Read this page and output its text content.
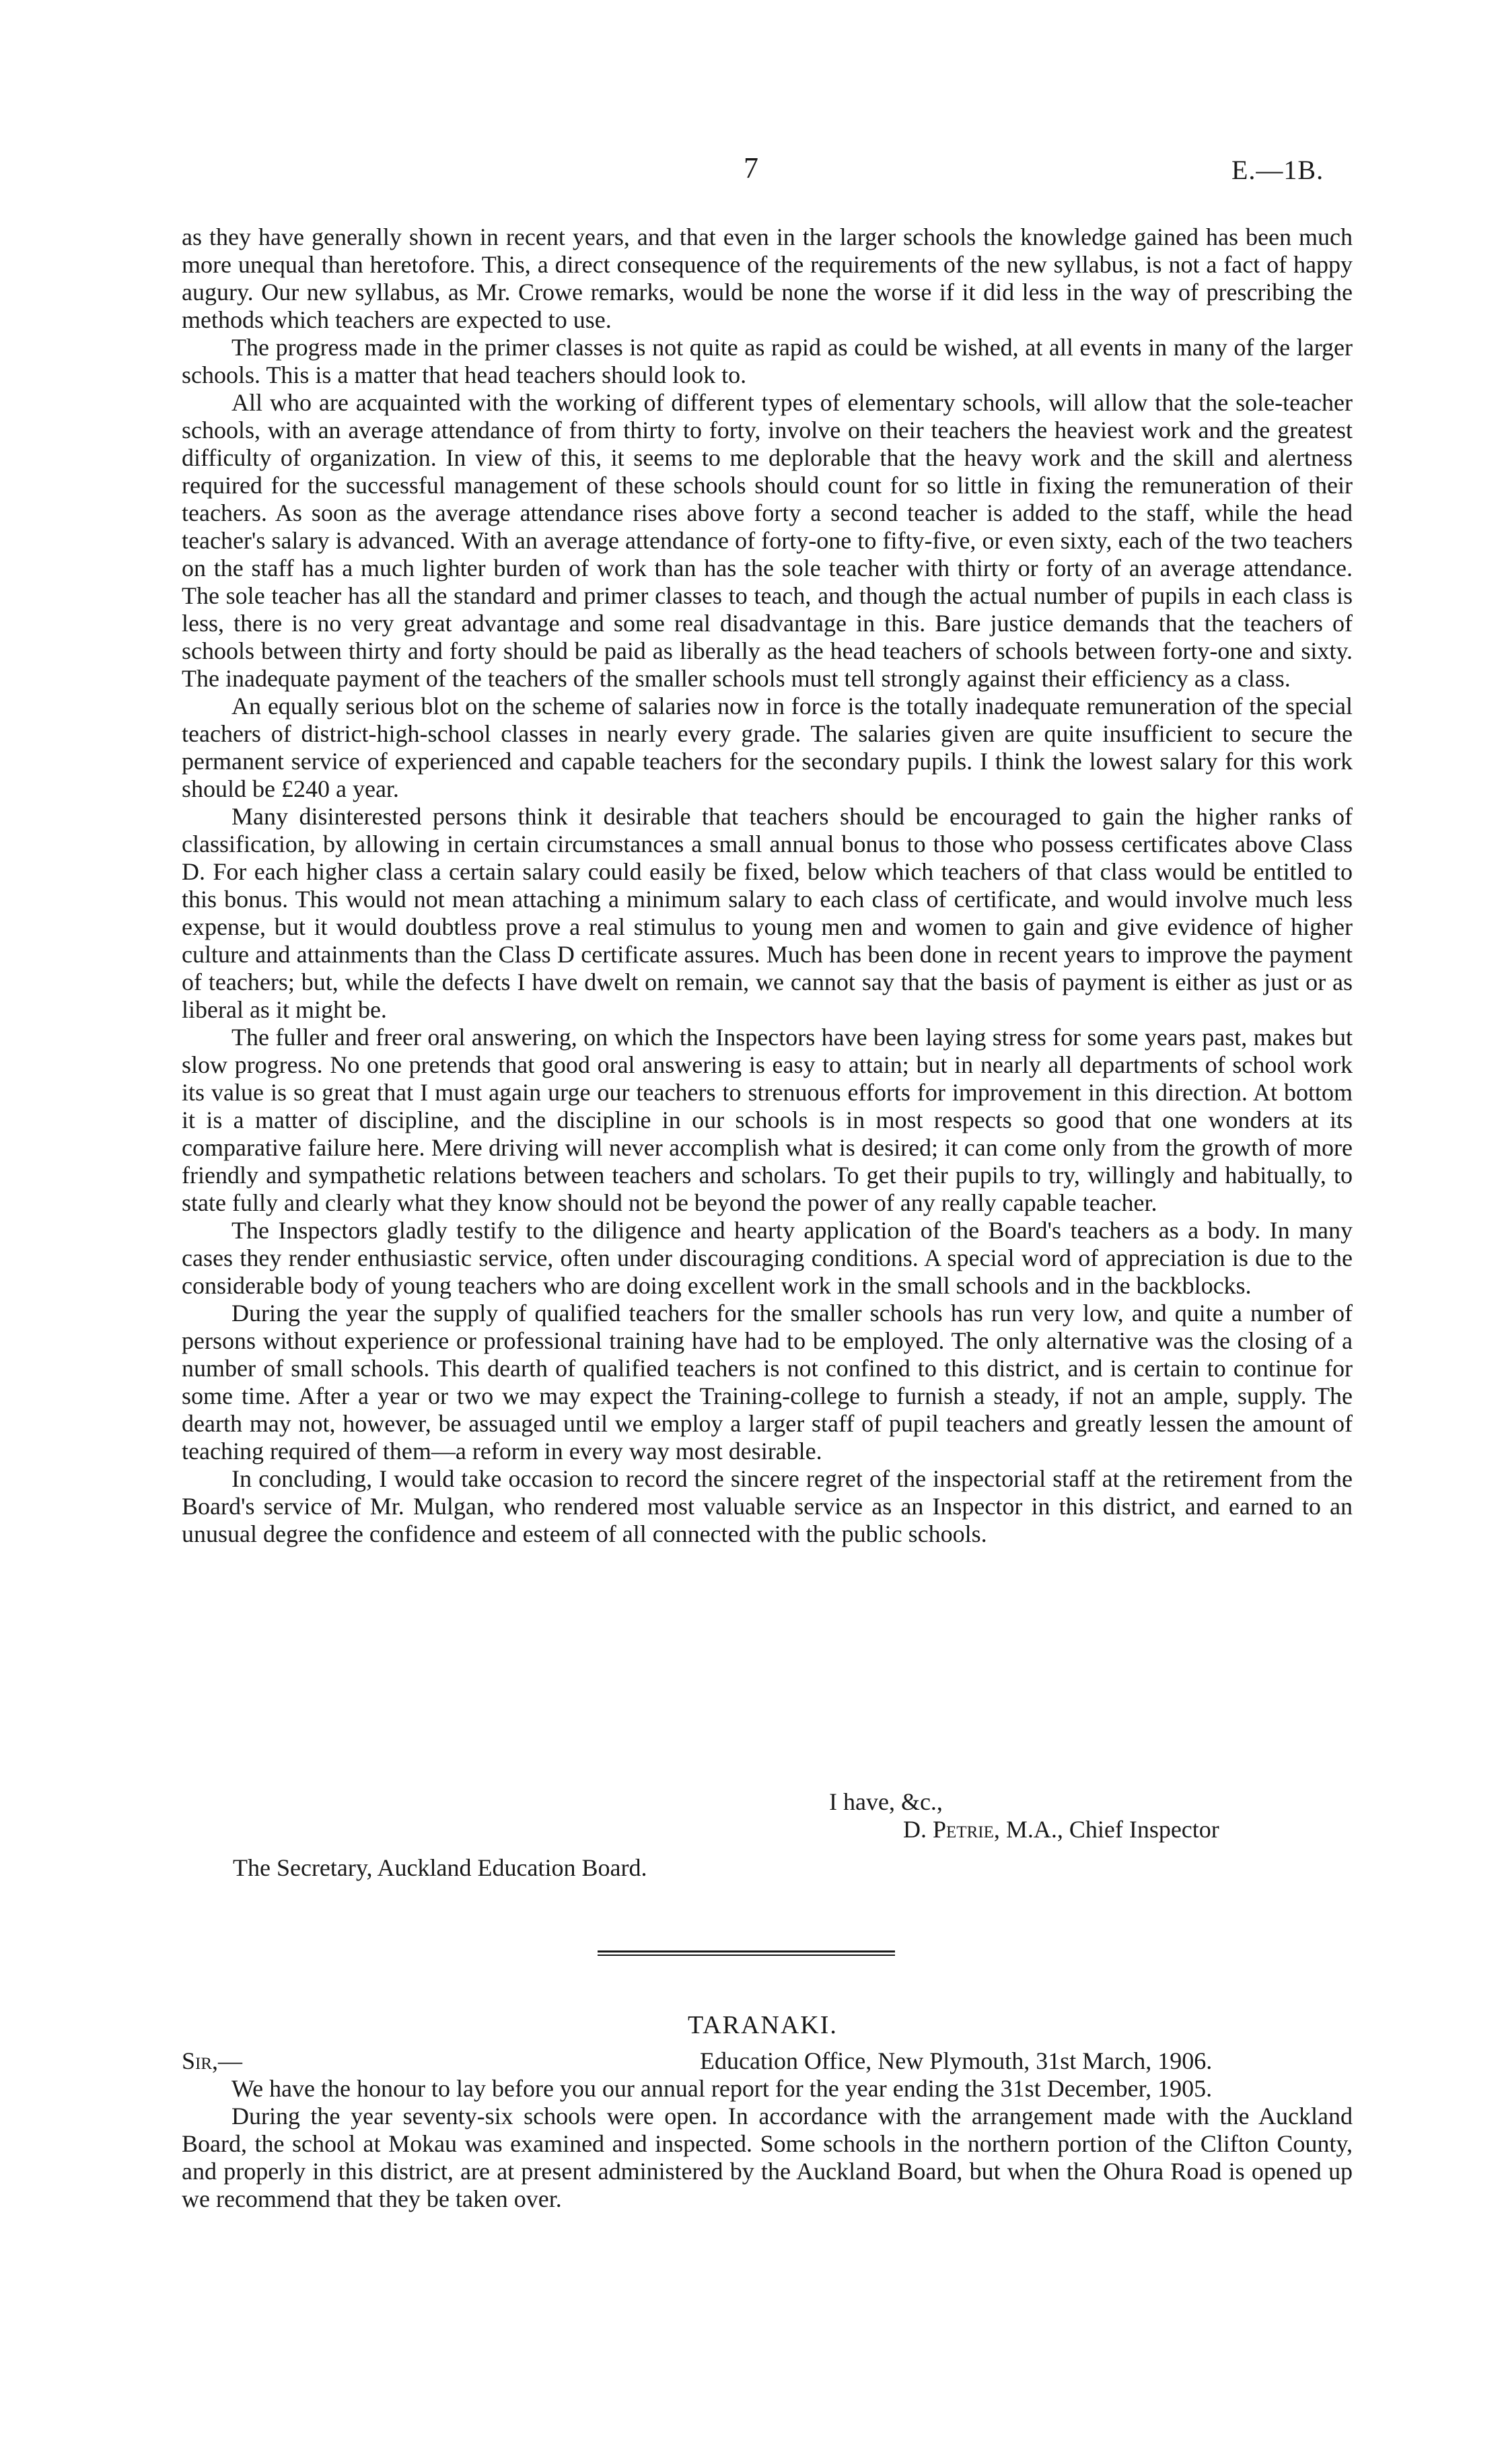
7	E.—1B.

as they have generally shown in recent years, and that even in the larger schools the knowledge gained has been much more unequal than heretofore. This, a direct consequence of the requirements of the new syllabus, is not a fact of happy augury. Our new syllabus, as Mr. Crowe remarks, would be none the worse if it did less in the way of prescribing the methods which teachers are expected to use.

The progress made in the primer classes is not quite as rapid as could be wished, at all events in many of the larger schools. This is a matter that head teachers should look to.

All who are acquainted with the working of different types of elementary schools, will allow that the sole-teacher schools, with an average attendance of from thirty to forty, involve on their teachers the heaviest work and the greatest difficulty of organization. In view of this, it seems to me deplorable that the heavy work and the skill and alertness required for the successful management of these schools should count for so little in fixing the remuneration of their teachers. As soon as the average attendance rises above forty a second teacher is added to the staff, while the head teacher's salary is advanced. With an average attendance of forty-one to fifty-five, or even sixty, each of the two teachers on the staff has a much lighter burden of work than has the sole teacher with thirty or forty of an average attendance. The sole teacher has all the standard and primer classes to teach, and though the actual number of pupils in each class is less, there is no very great advantage and some real disadvantage in this. Bare justice demands that the teachers of schools between thirty and forty should be paid as liberally as the head teachers of schools between forty-one and sixty. The inadequate payment of the teachers of the smaller schools must tell strongly against their efficiency as a class.

An equally serious blot on the scheme of salaries now in force is the totally inadequate remuneration of the special teachers of district-high-school classes in nearly every grade. The salaries given are quite insufficient to secure the permanent service of experienced and capable teachers for the secondary pupils. I think the lowest salary for this work should be £240 a year.

Many disinterested persons think it desirable that teachers should be encouraged to gain the higher ranks of classification, by allowing in certain circumstances a small annual bonus to those who possess certificates above Class D. For each higher class a certain salary could easily be fixed, below which teachers of that class would be entitled to this bonus. This would not mean attaching a minimum salary to each class of certificate, and would involve much less expense, but it would doubtless prove a real stimulus to young men and women to gain and give evidence of higher culture and attainments than the Class D certificate assures. Much has been done in recent years to improve the payment of teachers; but, while the defects I have dwelt on remain, we cannot say that the basis of payment is either as just or as liberal as it might be.

The fuller and freer oral answering, on which the Inspectors have been laying stress for some years past, makes but slow progress. No one pretends that good oral answering is easy to attain; but in nearly all departments of school work its value is so great that I must again urge our teachers to strenuous efforts for improvement in this direction. At bottom it is a matter of discipline, and the discipline in our schools is in most respects so good that one wonders at its comparative failure here. Mere driving will never accomplish what is desired; it can come only from the growth of more friendly and sympathetic relations between teachers and scholars. To get their pupils to try, willingly and habitually, to state fully and clearly what they know should not be beyond the power of any really capable teacher.

The Inspectors gladly testify to the diligence and hearty application of the Board's teachers as a body. In many cases they render enthusiastic service, often under discouraging conditions. A special word of appreciation is due to the considerable body of young teachers who are doing excellent work in the small schools and in the backblocks.

During the year the supply of qualified teachers for the smaller schools has run very low, and quite a number of persons without experience or professional training have had to be employed. The only alternative was the closing of a number of small schools. This dearth of qualified teachers is not confined to this district, and is certain to continue for some time. After a year or two we may expect the Training-college to furnish a steady, if not an ample, supply. The dearth may not, however, be assuaged until we employ a larger staff of pupil teachers and greatly lessen the amount of teaching required of them—a reform in every way most desirable.

In concluding, I would take occasion to record the sincere regret of the inspectorial staff at the retirement from the Board's service of Mr. Mulgan, who rendered most valuable service as an Inspector in this district, and earned to an unusual degree the confidence and esteem of all connected with the public schools.

I have, &c.,
D. Petrie, M.A., Chief Inspector
The Secretary, Auckland Education Board.
TARANAKI.
Sir,—	Education Office, New Plymouth, 31st March, 1906.

We have the honour to lay before you our annual report for the year ending the 31st December, 1905.

During the year seventy-six schools were open. In accordance with the arrangement made with the Auckland Board, the school at Mokau was examined and inspected. Some schools in the northern portion of the Clifton County, and properly in this district, are at present administered by the Auckland Board, but when the Ohura Road is opened up we recommend that they be taken over.
